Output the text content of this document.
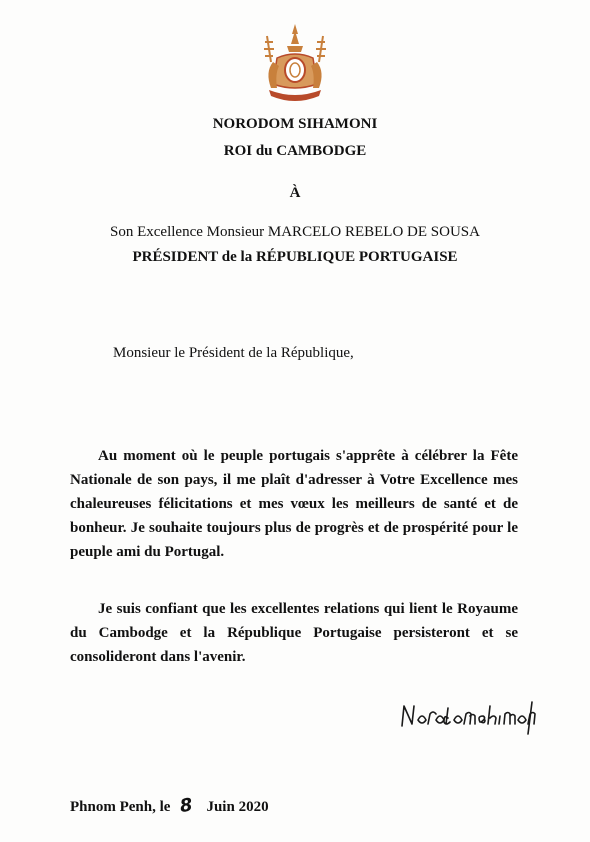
·····
NORODOM SIHAMONI
ROI du CAMBODGE
À
Son Excellence Monsieur MARCELO REBELO DE SOUSA
PRÉSIDENT de la RÉPUBLIQUE PORTUGAISE
Monsieur le Président de la République,

Au moment où le peuple portugais s'apprête à célébrer la Fête Nationale de son pays, il me plaît d'adresser à Votre Excellence mes chaleureuses félicitations et mes vœux les meilleurs de santé et de bonheur. Je souhaite toujours plus de progrès et de prospérité pour le peuple ami du Portugal.

Je suis confiant que les excellentes relations qui lient le Royaume du Cambodge et la République Portugaise persisteront et se consolideront dans l'avenir.

Phnom Penh, le 8 Juin 2020
